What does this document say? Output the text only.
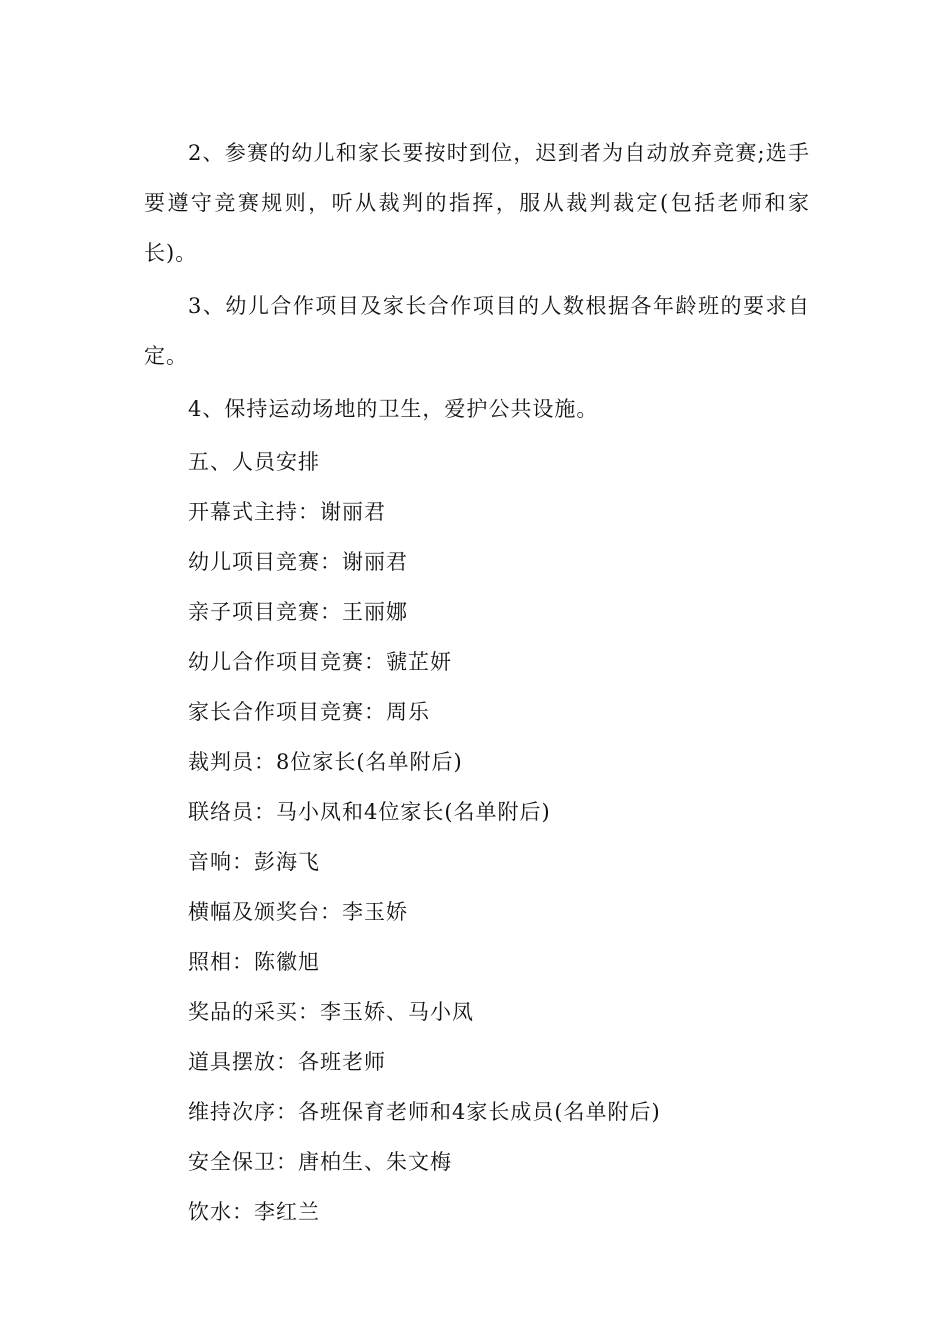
2、参赛的幼儿和家长要按时到位，迟到者为自动放弃竞赛;选手要遵守竞赛规则，听从裁判的指挥，服从裁判裁定(包括老师和家长)。

3、幼儿合作项目及家长合作项目的人数根据各年龄班的要求自定。

4、保持运动场地的卫生，爱护公共设施。

五、人员安排
开幕式主持：谢丽君
幼儿项目竞赛：谢丽君
亲子项目竞赛：王丽娜
幼儿合作项目竞赛：虢芷妍
家长合作项目竞赛：周乐
裁判员：8位家长(名单附后)
联络员：马小凤和4位家长(名单附后)
音响：彭海飞
横幅及颁奖台：李玉娇
照相：陈徽旭
奖品的采买：李玉娇、马小凤
道具摆放：各班老师
维持次序：各班保育老师和4家长成员(名单附后)
安全保卫：唐柏生、朱文梅
饮水：李红兰
